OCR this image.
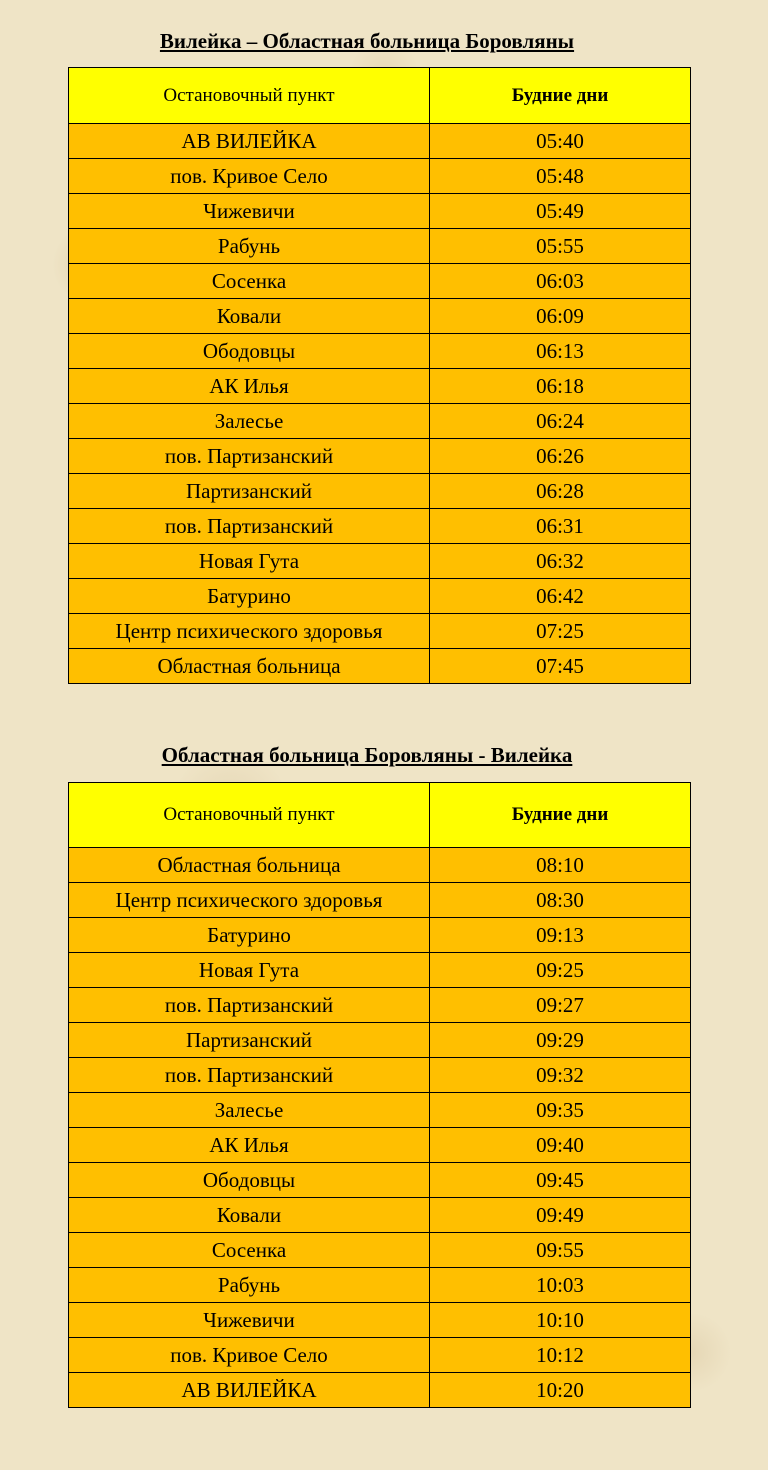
Вилейка – Областная больница Боровляны
Остановочный пункт	Будние дни
АВ ВИЛЕЙКА	05:40
пов. Кривое Село	05:48
Чижевичи	05:49
Рабунь	05:55
Сосенка	06:03
Ковали	06:09
Ободовцы	06:13
АК Илья	06:18
Залесье	06:24
пов. Партизанский	06:26
Партизанский	06:28
пов. Партизанский	06:31
Новая Гута	06:32
Батурино	06:42
Центр психического здоровья	07:25
Областная больница	07:45
Областная больница Боровляны - Вилейка
Остановочный пункт	Будние дни
Областная больница	08:10
Центр психического здоровья	08:30
Батурино	09:13
Новая Гута	09:25
пов. Партизанский	09:27
Партизанский	09:29
пов. Партизанский	09:32
Залесье	09:35
АК Илья	09:40
Ободовцы	09:45
Ковали	09:49
Сосенка	09:55
Рабунь	10:03
Чижевичи	10:10
пов. Кривое Село	10:12
АВ ВИЛЕЙКА	10:20
